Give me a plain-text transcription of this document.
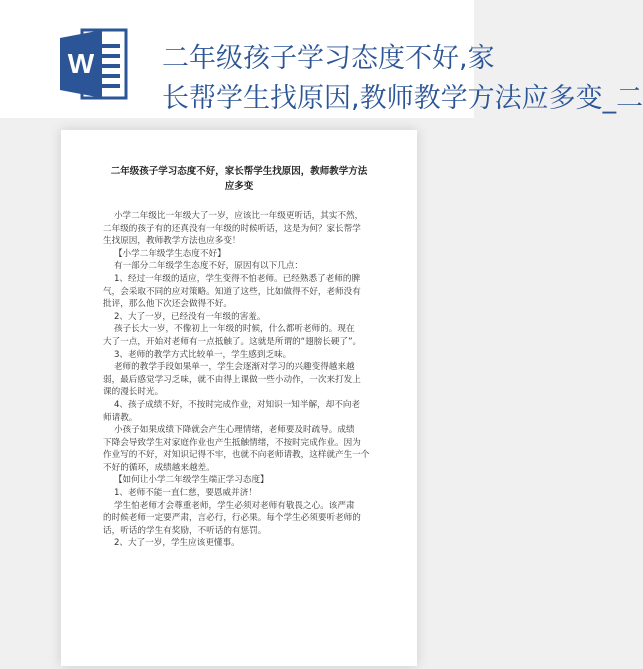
W	二年级孩子学习态度不好,家
长帮学生找原因,教师教学方法应多变_二
二年级孩子学习态度不好，家长帮学生找原因，教师教学方法
应多变

小学二年级比一年级大了一岁，应该比一年级更听话，其实不然，
二年级的孩子有的还真没有一年级的时候听话，这是为何？家长帮学
生找原因，教师教学方法也应多变！

【小学二年级学生态度不好】

有一部分二年级学生态度不好，原因有以下几点：

1、经过一年级的适应，学生变得不怕老师。已经熟悉了老师的脾
气，会采取不同的应对策略。知道了这些，比如做得不好，老师没有
批评，那么他下次还会做得不好。

2、大了一岁，已经没有一年级的害羞。

孩子长大一岁，不像初上一年级的时候，什么都听老师的。现在
大了一点，开始对老师有一点抵触了。这就是所谓的“翅膀长硬了”。

3、老师的教学方式比较单一，学生感到乏味。

老师的教学手段如果单一，学生会逐渐对学习的兴趣变得越来越
弱，最后感觉学习乏味，就不由得上课做一些小动作，一次来打发上
课的漫长时光。

4、孩子成绩不好，不按时完成作业，对知识一知半解，却不向老
师请教。

小孩子如果成绩下降就会产生心理情绪，老师要及时疏导。成绩
下降会导致学生对家庭作业也产生抵触情绪，不按时完成作业。因为
作业写的不好，对知识记得不牢，也就不向老师请教，这样就产生一个
不好的循环，成绩越来越差。

【如何让小学二年级学生端正学习态度】

1、老师不能一直仁慈，要恩威并济！

学生怕老师才会尊重老师，学生必须对老师有敬畏之心。该严肃
的时候老师一定要严肃，言必行，行必果。每个学生必须要听老师的
话，听话的学生有奖励，不听话的有惩罚。

2、大了一岁，学生应该更懂事。
